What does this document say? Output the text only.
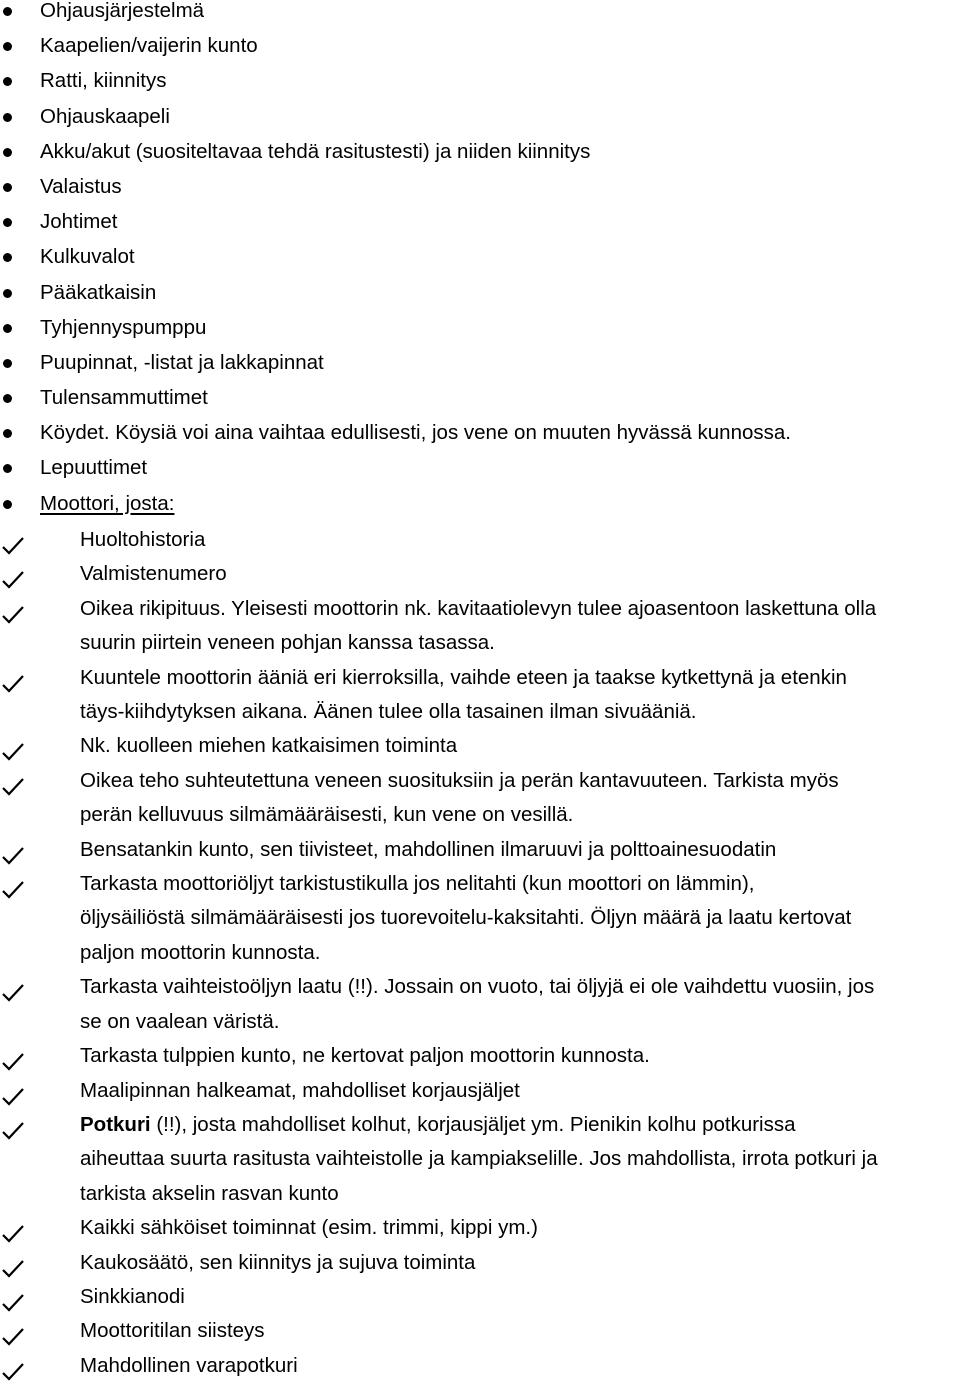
Ohjausjärjestelmä
Kaapelien/vaijerin kunto
Ratti, kiinnitys
Ohjauskaapeli
Akku/akut (suositeltavaa tehdä rasitustesti) ja niiden kiinnitys
Valaistus
Johtimet
Kulkuvalot
Pääkatkaisin
Tyhjennyspumppu
Puupinnat, -listat ja lakkapinnat
Tulensammuttimet
Köydet. Köysiä voi aina vaihtaa edullisesti, jos vene on muuten hyvässä kunnossa.
Lepuuttimet
Moottori, josta:
Huoltohistoria
Valmistenumero
Oikea rikipituus. Yleisesti moottorin nk. kavitaatiolevyn tulee ajoasentoon laskettuna olla
suurin piirtein veneen pohjan kanssa tasassa.
Kuuntele moottorin ääniä eri kierroksilla, vaihde eteen ja taakse kytkettynä ja etenkin
täys-kiihdytyksen aikana. Äänen tulee olla tasainen ilman sivuääniä.
Nk. kuolleen miehen katkaisimen toiminta
Oikea teho suhteutettuna veneen suosituksiin ja perän kantavuuteen. Tarkista myös
perän kelluvuus silmämääräisesti, kun vene on vesillä.
Bensatankin kunto, sen tiivisteet, mahdollinen ilmaruuvi ja polttoainesuodatin
Tarkasta moottoriöljyt tarkistustikulla jos nelitahti (kun moottori on lämmin),
öljysäiliöstä silmämääräisesti jos tuorevoitelu-kaksitahti. Öljyn määrä ja laatu kertovat
paljon moottorin kunnosta.
Tarkasta vaihteistoöljyn laatu (!!). Jossain on vuoto, tai öljyjä ei ole vaihdettu vuosiin, jos
se on vaalean väristä.
Tarkasta tulppien kunto, ne kertovat paljon moottorin kunnosta.
Maalipinnan halkeamat, mahdolliset korjausjäljet
Potkuri (!!), josta mahdolliset kolhut, korjausjäljet ym. Pienikin kolhu potkurissa
aiheuttaa suurta rasitusta vaihteistolle ja kampiakselille. Jos mahdollista, irrota potkuri ja
tarkista akselin rasvan kunto
Kaikki sähköiset toiminnat (esim. trimmi, kippi ym.)
Kaukosäätö, sen kiinnitys ja sujuva toiminta
Sinkkianodi
Moottoritilan siisteys
Mahdollinen varapotkuri
